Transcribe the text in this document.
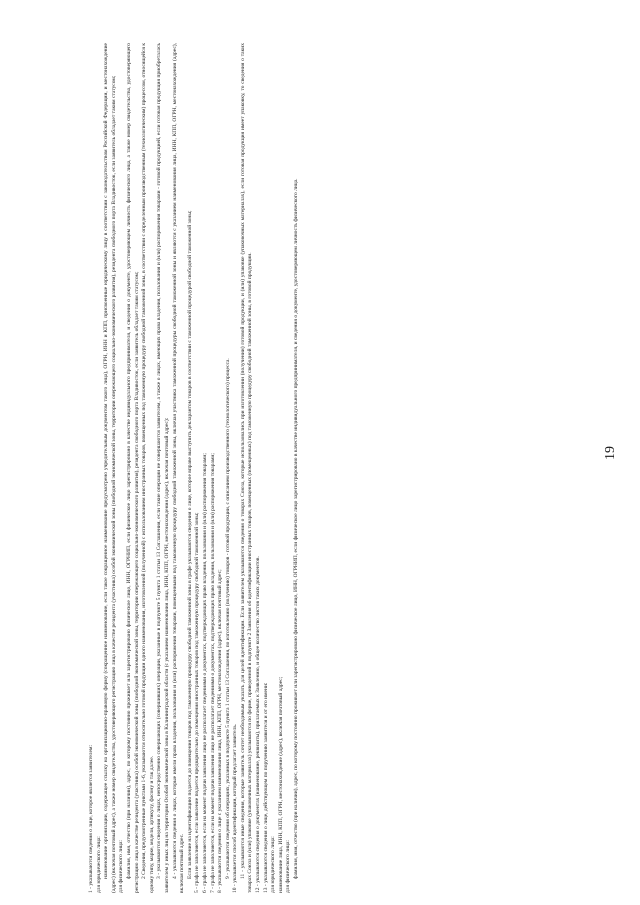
19

1 - указываются сведения о лице, которое является заявителем: для юридического лица: наименование организации, содержащее ссылку на организационно-правовую форму (сокращенное наименование, если такое сокращенное наименование предусмотрено учредительным документом такого лица), ОГРН, ИНН и КПП, присвоенные юридическому лицу в соответствии с законодательством Российской Федерации, и местонахождение (адрес) (включая почтовый адрес), а также номер свидетельства, удостоверяющего регистрацию лица в качестве резидента (участника) особой экономической зоны (свободной экономической зоны, территории опережающего социально-экономического развития), резидента свободного порта Владивосток, если заявитель обладает таким статусом; для физического лица: фамилия, имя, отчество (при наличии), адрес, по которому постоянно проживает или зарегистрировано физическое лицо, ИНН, ОГРНИП, если физическое лицо зарегистрировано в качестве индивидуального предпринимателя, и сведения о документе, удостоверяющем личность физического лица, а также номер свидетельства, удостоверяющего регистрацию лица в качестве резидента (участника) особой экономической зоны (свободной экономической зоны, территории опережающего социально-экономического развития), резидента свободного порта Владивосток, если заявитель обладает таким статусом; 2 Сведения, предусмотренные пунктами 1-6, указываются относительно готовой продукции одного наименования, изготовленной (полученной) с использованием иностранных товаров, помещенных под таможенную процедуру свободной таможенной зоны, в соответствии с определенным производственным (технологическим) процессом, относящейся к одному типу, марке, модели, артикулу, фасону и так далее. 3 - указываются сведения о лицах, непосредственно совершающих (совершивших) операции, указанные в подпункте 5 пункта 1 статьи 13 Соглашения, если такие операции не совершаются заявителем, а также о лицах, имеющих права владения, пользования и (или) распоряжения товарами - готовой продукцией, если готовая продукция приобреталась заявителем у иных лиц на территории Особой экономической зоны в Калининградской области (с указанием наименования лица, ИНН, КПП, ОГРН, местонахождения (адрес), включая почтовый адрес): 4 - указываются сведения о лицах, которые имели права владения, пользования и (или) распоряжения товарами, помещенными под таможенную процедуру свободной таможенной зоны, включая участника таможенной процедуры свободной таможенной зоны и являются с указанием наименования лица, ИНН, КПП, ОГРН, местонахождения (адрес), включая почтовый адрес. Если заявление на идентификацию подается до помещения товаров под таможенную процедуру свободной таможенной зоны в графе указываются сведения о лице, которое вправе выступить декларантом товаров в соответствии с таможенной процедурой свободной таможенной зоны; 5 - графа не заполняется, если заявление подается предварительно до помещения иностранных товаров под таможенную процедуру свободной таможенной зоны; 6 - графа не заполняется, если на момент подачи заявления лицо не располагает сведениями о документах, подтверждающих право владения, пользования и (или) распоряжения товарами; 7 - графа не заполняется, если на момент подачи заявления лицо не располагает сведениями о документах, подтверждающих право владения, пользования и (или) распоряжения товарами; 8 - указываются сведения о лице с указанием наименования лица, ИНН, КПП, ОГРН, местонахождения (адрес), включая почтовый адрес; 9 - указываются сведения об операциях, указанных в подпункте 5 пункта 1 статьи 13 Соглашения, по изготовлению (получению) товаров - готовой продукции, с описанием производственного (технологического) процесса. 10 - указывается способ идентификации, который предлагает заявитель. 11 - указываются иные сведения, которые заявитель сочтет необходимым указать для целей идентификации. Если заявителем указываются сведения о товарах Союза, которые использовались при изготовлении (получении) готовой продукции, и (или) упаковке (упаковочных материалах), если готовая продукция имеет упаковку, то сведения о таких товарах Союза и (или) упаковке (упаковочных материалах) указываются по форме, приведенной в подпункте 2 Заявления об идентификации иностранных товаров, помещенных (помещенных) под таможенную процедуру свободной таможенной зоны, в готовой продукции. 12 - указываются сведения о документах (наименование, реквизиты), прилагаемых к Заявлению, и общее количество листов таких документов. 13 - указываются сведения о лице, действующем по поручению заявителя и от его имени: для юридического лица: наименование лица, ИНН, КПП, ОГРН, местонахождение (адрес), включая почтовый адрес; для физического лица: фамилия, имя, отчество (при наличии), адрес, по которому постоянно проживает или зарегистрировано физическое лицо, ИНН, ОГРНИП, если физическое лицо зарегистрировано в качестве индивидуального предпринимателя, и сведения о документе, удостоверяющем личность физического лица.
